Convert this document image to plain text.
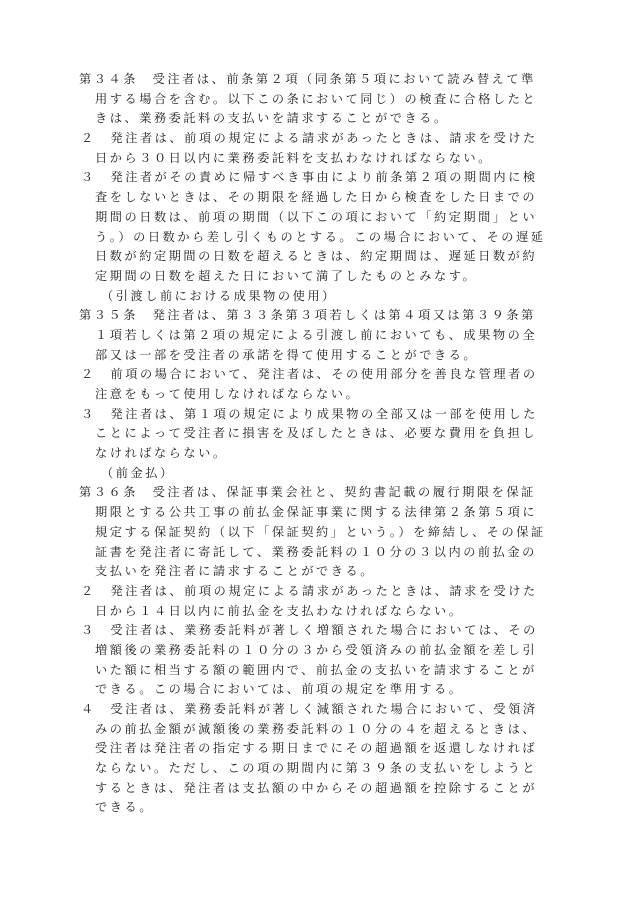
第３４条　受注者は、前条第２項（同条第５項において読み替えて準
用する場合を含む。以下この条において同じ）の検査に合格したと
きは、業務委託料の支払いを請求することができる。
２　発注者は、前項の規定による請求があったときは、請求を受けた
日から３０日以内に業務委託料を支払わなければならない。
３　発注者がその責めに帰すべき事由により前条第２項の期間内に検
査をしないときは、その期限を経過した日から検査をした日までの
期間の日数は、前項の期間（以下この項において「約定期間」とい
う。）の日数から差し引くものとする。この場合において、その遅延
日数が約定期間の日数を超えるときは、約定期間は、遅延日数が約
定期間の日数を超えた日において満了したものとみなす。
（引渡し前における成果物の使用）
第３５条　発注者は、第３３条第３項若しくは第４項又は第３９条第
１項若しくは第２項の規定による引渡し前においても、成果物の全
部又は一部を受注者の承諾を得て使用することができる。
２　前項の場合において、発注者は、その使用部分を善良な管理者の
注意をもって使用しなければならない。
３　発注者は、第１項の規定により成果物の全部又は一部を使用した
ことによって受注者に損害を及ぼしたときは、必要な費用を負担し
なければならない。
（前金払）
第３６条　受注者は、保証事業会社と、契約書記載の履行期限を保証
期限とする公共工事の前払金保証事業に関する法律第２条第５項に
規定する保証契約（以下「保証契約」という。）を締結し、その保証
証書を発注者に寄託して、業務委託料の１０分の３以内の前払金の
支払いを発注者に請求することができる。
２　発注者は、前項の規定による請求があったときは、請求を受けた
日から１４日以内に前払金を支払わなければならない。
３　受注者は、業務委託料が著しく増額された場合においては、その
増額後の業務委託料の１０分の３から受領済みの前払金額を差し引
いた額に相当する額の範囲内で、前払金の支払いを請求することが
できる。この場合においては、前項の規定を準用する。
４　受注者は、業務委託料が著しく減額された場合において、受領済
みの前払金額が減額後の業務委託料の１０分の４を超えるときは、
受注者は発注者の指定する期日までにその超過額を返還しなければ
ならない。ただし、この項の期間内に第３９条の支払いをしようと
するときは、発注者は支払額の中からその超過額を控除することが
できる。
